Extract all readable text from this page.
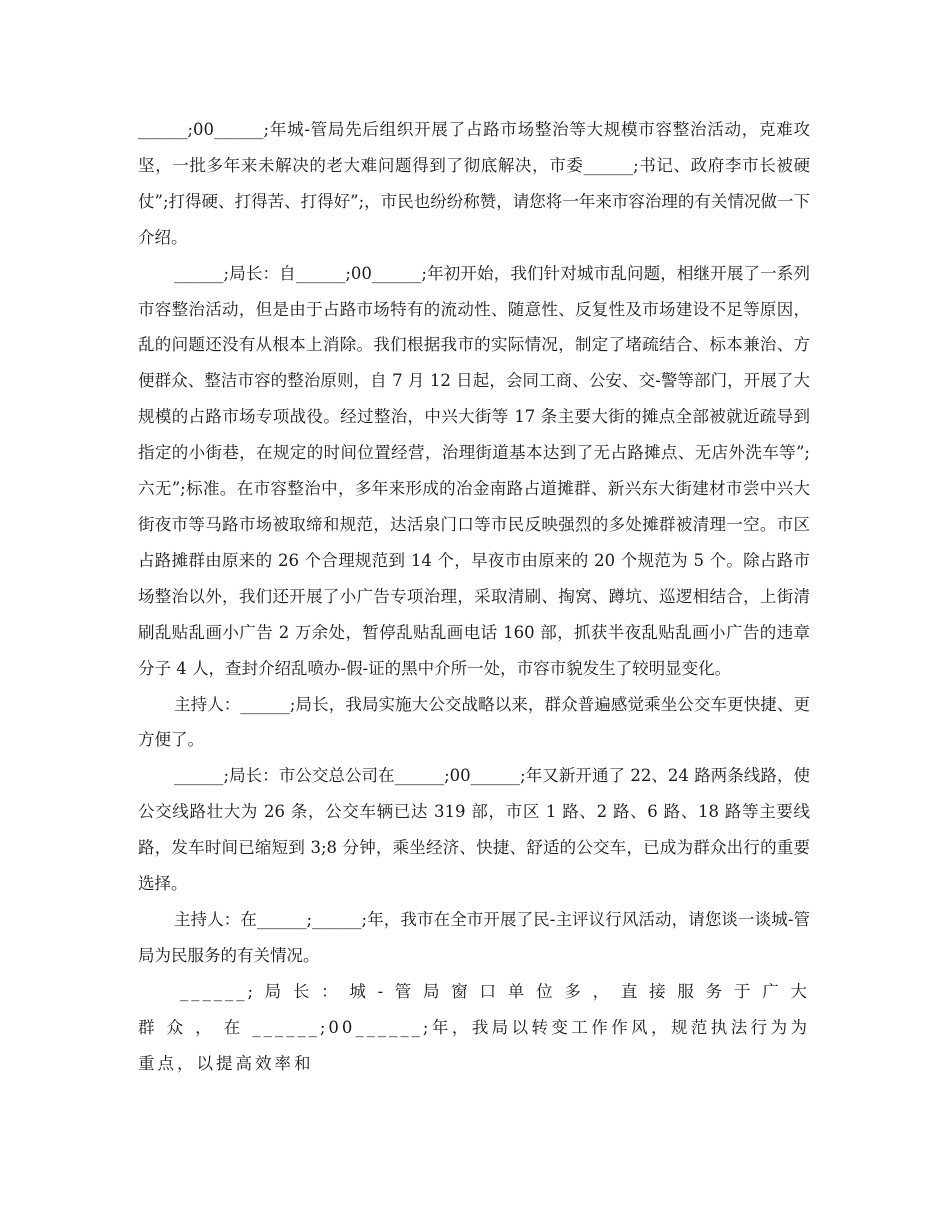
______;00______;年城-管局先后组织开展了占路市场整治等大规模市容整治活动，克难攻坚，一批多年来未解决的老大难问题得到了彻底解决，市委______;书记、政府李市长被硬仗”;打得硬、打得苦、打得好”;，市民也纷纷称赞，请您将一年来市容治理的有关情况做一下介绍。

______;局长：自______;00______;年初开始，我们针对城市乱问题，相继开展了一系列市容整治活动，但是由于占路市场特有的流动性、随意性、反复性及市场建设不足等原因，乱的问题还没有从根本上消除。我们根据我市的实际情况，制定了堵疏结合、标本兼治、方便群众、整洁市容的整治原则，自 7 月 12 日起，会同工商、公安、交-警等部门，开展了大规模的占路市场专项战役。经过整治，中兴大街等 17 条主要大街的摊点全部被就近疏导到指定的小街巷，在规定的时间位置经营，治理街道基本达到了无占路摊点、无店外洗车等”;六无”;标准。在市容整治中，多年来形成的冶金南路占道摊群、新兴东大街建材市尝中兴大街夜市等马路市场被取缔和规范，达活泉门口等市民反映强烈的多处摊群被清理一空。市区占路摊群由原来的 26 个合理规范到 14 个，早夜市由原来的 20 个规范为 5 个。除占路市场整治以外，我们还开展了小广告专项治理，采取清刷、掏窝、蹲坑、巡逻相结合，上街清刷乱贴乱画小广告 2 万余处，暂停乱贴乱画电话 160 部，抓获半夜乱贴乱画小广告的违章分子 4 人，查封介绍乱喷办-假-证的黑中介所一处，市容市貌发生了较明显变化。

主持人：______;局长，我局实施大公交战略以来，群众普遍感觉乘坐公交车更快捷、更方便了。

______;局长：市公交总公司在______;00______;年又新开通了 22、24 路两条线路，使公交线路壮大为 26 条，公交车辆已达 319 部，市区 1 路、2 路、6 路、18 路等主要线路，发车时间已缩短到 3;8 分钟，乘坐经济、快捷、舒适的公交车，已成为群众出行的重要选择。

主持人：在______;______;年，我市在全市开展了民-主评议行风活动，请您谈一谈城-管局为民服务的有关情况。

______; 局 长 ： 城 - 管 局 窗 口 单 位 多 ， 直 接 服 务 于 广 大 群 众 ， 在 ______;00______;年，我局以转变工作作风，规范执法行为为重点，以提高效率和
